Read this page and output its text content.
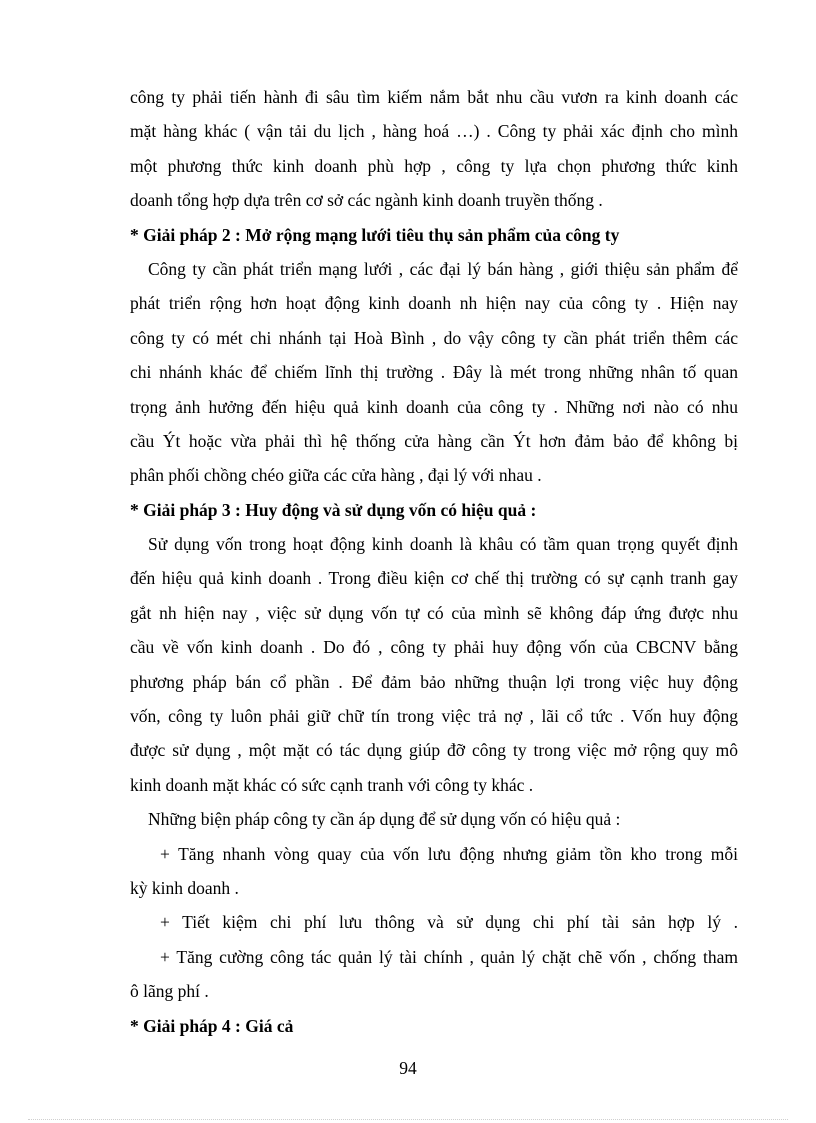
công ty phải tiến hành đi sâu tìm kiếm nắm bắt nhu cầu vươn ra kinh doanh các
mặt hàng khác ( vận tải du lịch , hàng hoá …) . Công ty phải xác định cho mình
một phương thức kinh doanh phù hợp , công ty lựa chọn phương thức kinh
doanh tổng hợp dựa trên cơ sở các ngành kinh doanh truyền thống .
* Giải pháp 2 : Mở rộng mạng lưới tiêu thụ sản phẩm của công ty
Công ty cần phát triển mạng lưới , các đại lý bán hàng , giới thiệu sản phẩm để
phát triển rộng hơn hoạt động kinh doanh nh hiện nay của công ty . Hiện nay
công ty có mét chi nhánh tại Hoà Bình , do vậy công ty cần phát triển thêm các
chi nhánh khác để chiếm lĩnh thị trường . Đây là mét trong những nhân tố quan
trọng ảnh hưởng đến hiệu quả kinh doanh của công ty . Những nơi nào có nhu
cầu Ýt hoặc vừa phải thì hệ thống cửa hàng cần Ýt hơn đảm bảo để không bị
phân phối chồng chéo giữa các cửa hàng , đại lý với nhau .
* Giải pháp 3 : Huy động và sử dụng vốn có hiệu quả :
Sử dụng vốn trong hoạt động kinh doanh là khâu có tầm quan trọng quyết định
đến hiệu quả kinh doanh . Trong điều kiện cơ chế thị trường có sự cạnh tranh gay
gắt nh hiện nay , việc sử dụng vốn tự có của mình sẽ không đáp ứng được nhu
cầu về vốn kinh doanh . Do đó , công ty phải huy động vốn của CBCNV bằng
phương pháp bán cổ phần . Để đảm bảo những thuận lợi trong việc huy động
vốn, công ty luôn phải giữ chữ tín trong việc trả nợ , lãi cổ tức . Vốn huy động
được sử dụng , một mặt có tác dụng giúp đỡ công ty trong việc mở rộng quy mô
kinh doanh mặt khác có sức cạnh tranh với công ty khác .
Những biện pháp công ty cần áp dụng để sử dụng vốn có hiệu quả :
+ Tăng nhanh vòng quay của vốn lưu động nhưng giảm tồn kho trong mỗi
kỳ kinh doanh .
+ Tiết kiệm chi phí lưu thông và sử dụng chi phí tài sản hợp lý .
+ Tăng cường công tác quản lý tài chính , quản lý chặt chẽ vốn , chống tham
ô lãng phí .
* Giải pháp 4 : Giá cả
94
